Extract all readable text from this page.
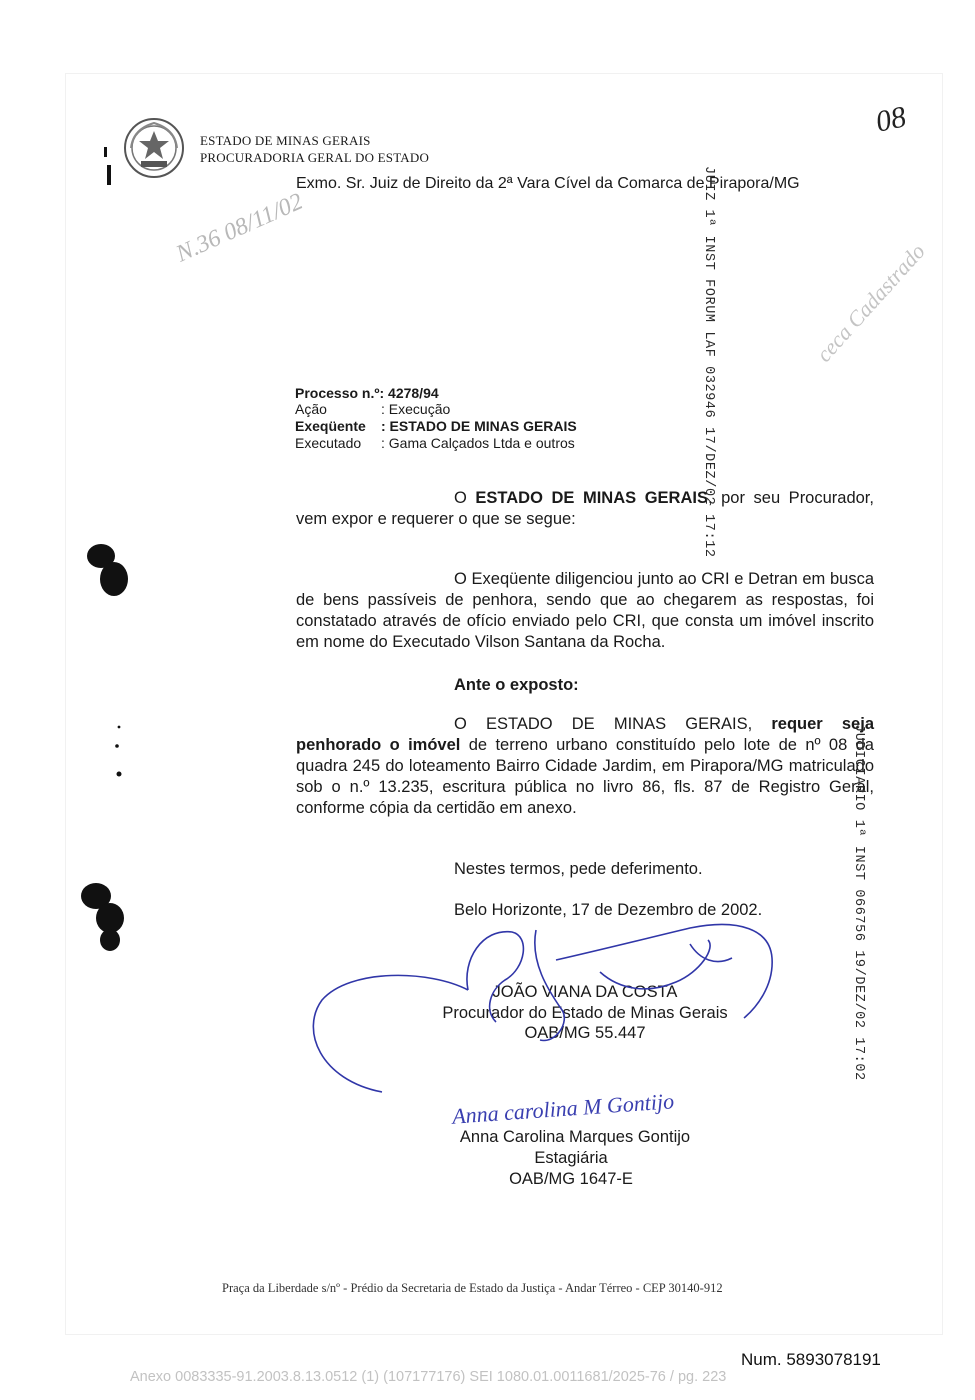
ESTADO DE MINAS GERAIS
PROCURADORIA GERAL DO ESTADO
Exmo. Sr. Juiz de Direito da 2ª Vara Cível da Comarca de Pirapora/MG
Processo n.º: 4278/94
Ação	: Execução
Exeqüente : ESTADO DE MINAS GERAIS
Executado : Gama Calçados Ltda e outros
O ESTADO DE MINAS GERAIS, por seu Procurador, vem expor e requerer o que se segue:
O Exeqüente diligenciou junto ao CRI e Detran em busca de bens passíveis de penhora, sendo que ao chegarem as respostas, foi constatado através de ofício enviado pelo CRI, que consta um imóvel inscrito em nome do Executado Vilson Santana da Rocha.
Ante o exposto:
O ESTADO DE MINAS GERAIS, requer seja penhorado o imóvel de terreno urbano constituído pelo lote de nº 08 da quadra 245 do loteamento Bairro Cidade Jardim, em Pirapora/MG matriculado sob o n.º 13.235, escritura pública no livro 86, fls. 87 de Registro Geral, conforme cópia da certidão em anexo.
Nestes termos, pede deferimento.
Belo Horizonte, 17 de Dezembro de 2002.
JOÃO VIANA DA COSTA
Procurador do Estado de Minas Gerais
OAB/MG 55.447
Anna carolina M Gontijo
Anna Carolina Marques Gontijo
Estagiária
OAB/MG 1647-E
JUIZ 1ª INST FORUM LAF 032946 17/DEZ/02 17:12
JUDICIARIO 1ª INST 066756 19/DEZ/02 17:02
08
N.36 08/11/02
ceca Cadastrado
Praça da Liberdade s/nº - Prédio da Secretaria de Estado da Justiça - Andar Térreo - CEP 30140-912
Num. 5893078191
Anexo 0083335-91.2003.8.13.0512 (1) (107177176) SEI 1080.01.0011681/2025-76 / pg. 223
